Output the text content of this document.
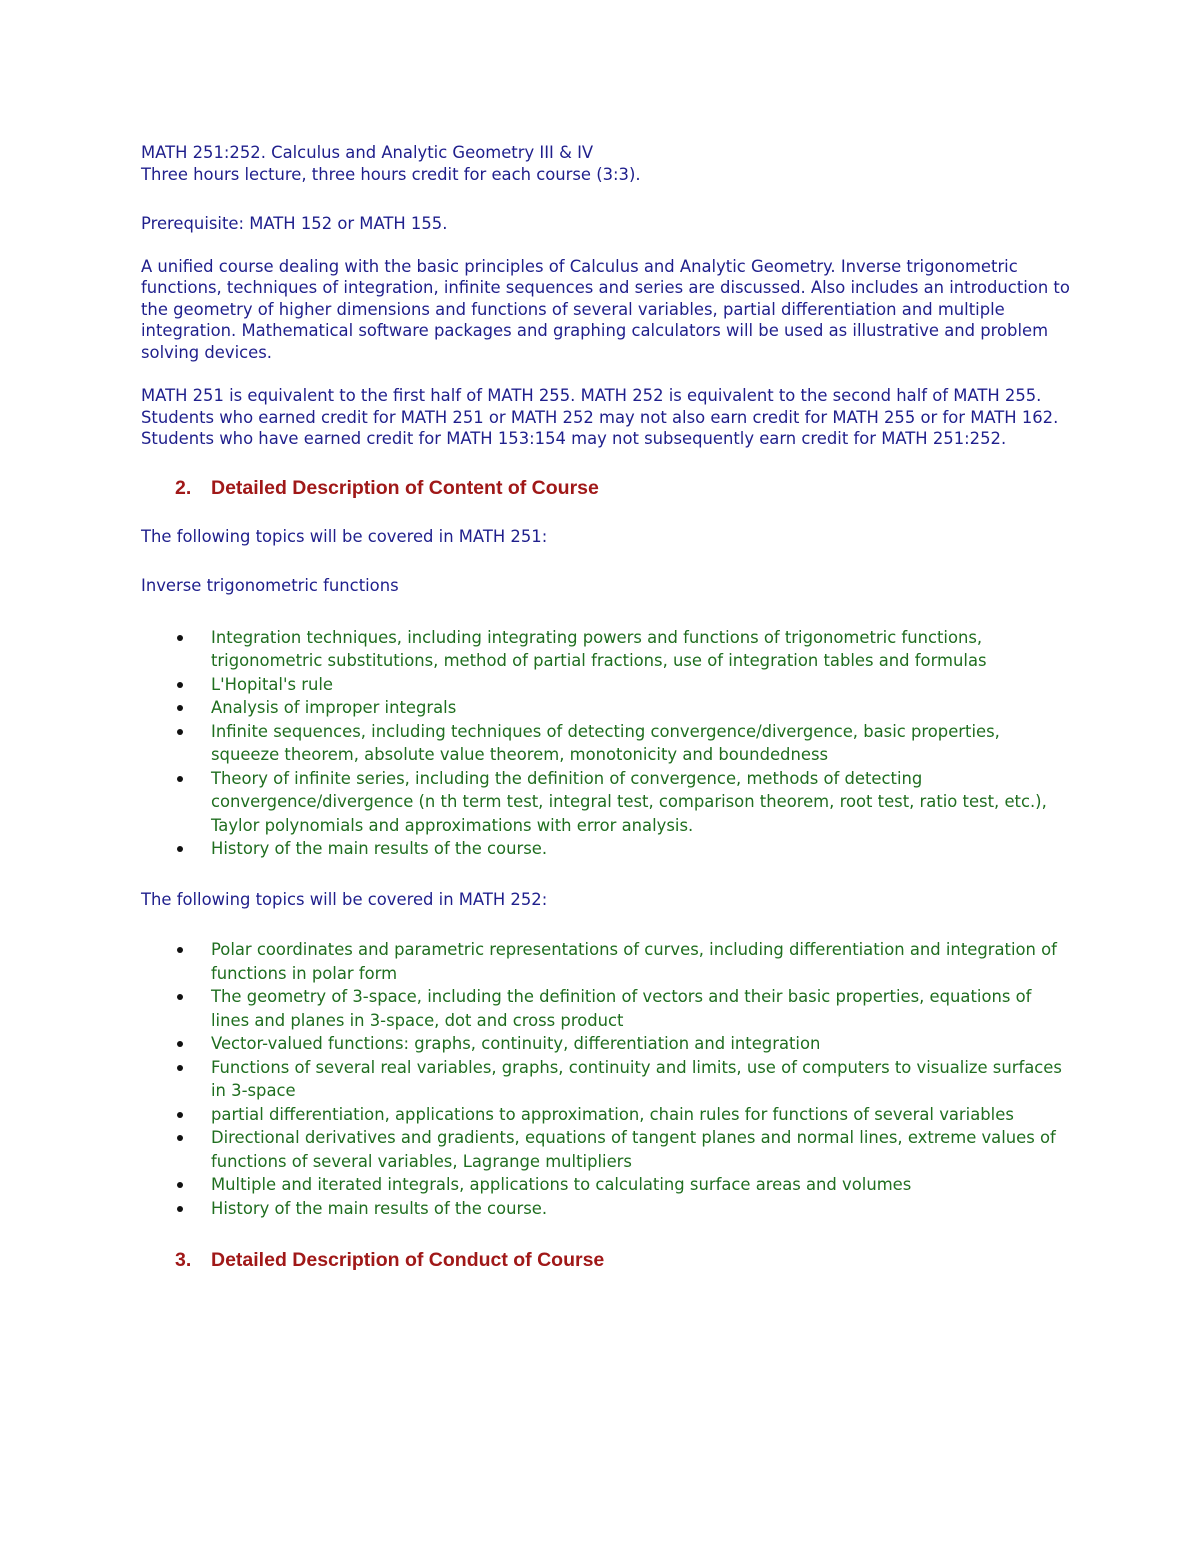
MATH 251:252. Calculus and Analytic Geometry III & IV
Three hours lecture, three hours credit for each course (3:3).

Prerequisite: MATH 152 or MATH 155.

A unified course dealing with the basic principles of Calculus and Analytic Geometry. Inverse trigonometric functions, techniques of integration, infinite sequences and series are discussed. Also includes an introduction to the geometry of higher dimensions and functions of several variables, partial differentiation and multiple integration. Mathematical software packages and graphing calculators will be used as illustrative and problem solving devices.

MATH 251 is equivalent to the first half of MATH 255. MATH 252 is equivalent to the second half of MATH 255. Students who earned credit for MATH 251 or MATH 252 may not also earn credit for MATH 255 or for MATH 162. Students who have earned credit for MATH 153:154 may not subsequently earn credit for MATH 251:252.

2.	Detailed Description of Content of Course

The following topics will be covered in MATH 251:

Inverse trigonometric functions

Integration techniques, including integrating powers and functions of trigonometric functions, trigonometric substitutions, method of partial fractions, use of integration tables and formulas
L'Hopital's rule
Analysis of improper integrals
Infinite sequences, including techniques of detecting convergence/divergence, basic properties, squeeze theorem, absolute value theorem, monotonicity and boundedness
Theory of infinite series, including the definition of convergence, methods of detecting convergence/divergence (n th term test, integral test, comparison theorem, root test, ratio test, etc.), Taylor polynomials and approximations with error analysis.
History of the main results of the course.

The following topics will be covered in MATH 252:

Polar coordinates and parametric representations of curves, including differentiation and integration of functions in polar form
The geometry of 3-space, including the definition of vectors and their basic properties, equations of lines and planes in 3-space, dot and cross product
Vector-valued functions: graphs, continuity, differentiation and integration
Functions of several real variables, graphs, continuity and limits, use of computers to visualize surfaces in 3-space
partial differentiation, applications to approximation, chain rules for functions of several variables
Directional derivatives and gradients, equations of tangent planes and normal lines, extreme values of functions of several variables, Lagrange multipliers
Multiple and iterated integrals, applications to calculating surface areas and volumes
History of the main results of the course.
3.	Detailed Description of Conduct of Course
